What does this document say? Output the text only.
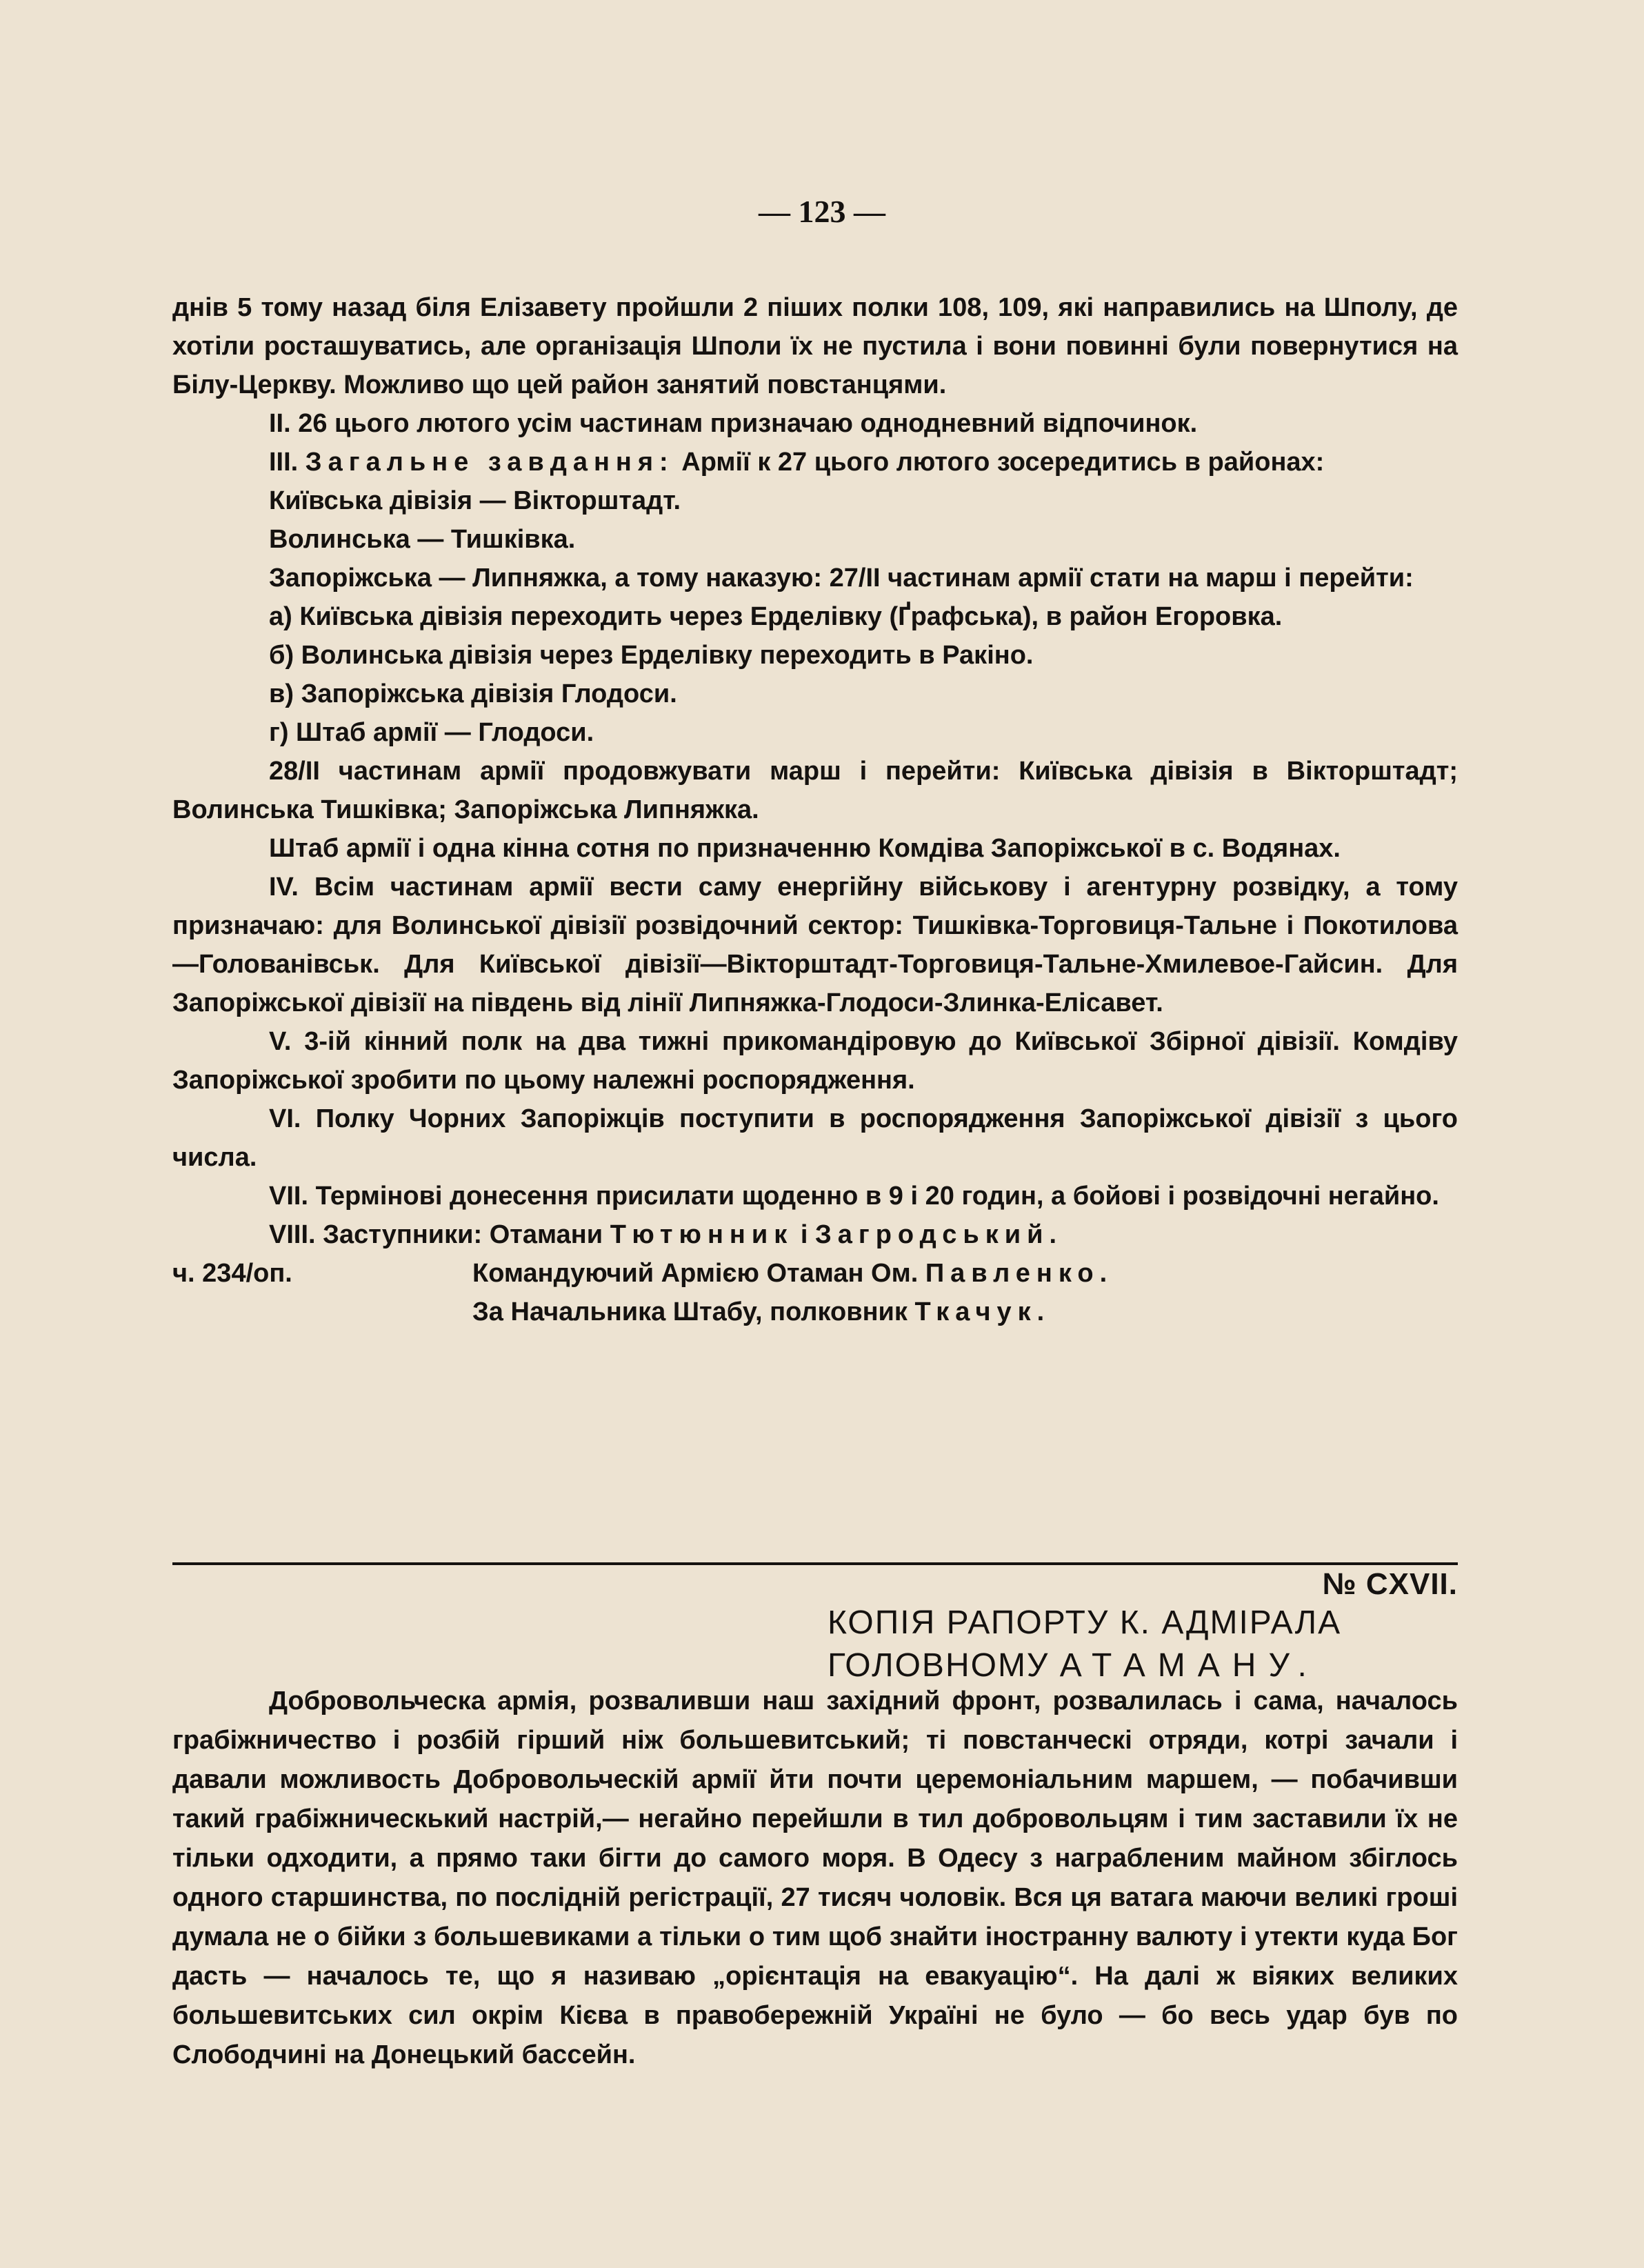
— 123 —

днів 5 тому назад біля Елізавету пройшли 2 піших полки 108, 109, які направились на Шполу, де хотіли росташуватись, але організація Шполи їх не пустила і вони повинні були повернутися на Білу-Церкву. Можливо що цей район занятий повстанцями.

II. 26 цього лютого усім частинам призначаю однодневний відпочинок.

III. Загальне завдання: Армії к 27 цього лютого зосередитись в районах:

Київська дівізія — Вікторштадт.

Волинська — Тишківка.

Запоріжська — Липняжка, а тому наказую: 27/II частинам армії стати на марш і перейти:

а) Київська дівізія переходить через Ерделівку (Ґрафська), в район Егоровка.

б) Волинська дівізія через Ерделівку переходить в Ракіно.

в) Запоріжська дівізія Глодоси.

г) Штаб армії — Глодоси.

28/II частинам армії продовжувати марш і перейти: Київська дівізія в Вікторштадт; Волинська Тишківка; Запоріжська Липняжка.

Штаб армії і одна кінна сотня по призначенню Комдіва Запоріжської в с. Водянах.

IV. Всім частинам армії вести саму енергійну військову і агентурну розвідку, а тому призначаю: для Волинської дівізії розвідочний сектор: Тишківка-Торговиця-Тальне і Покотилова—Голованівськ. Для Київської дівізії—Вікторштадт-Торговиця-Тальне-Хмилевое-Гайсин. Для Запоріжської дівізії на південь від лінії Липняжка-Глодоси-Злинка-Елісавет.

V. 3-ій кінний полк на два тижні прикомандіровую до Київської Збірної дівізії. Комдіву Запоріжської зробити по цьому належні роспорядження.

VI. Полку Чорних Запоріжців поступити в роспорядження Запоріжської дівізії з цього числа.

VII. Термінові донесення присилати щоденно в 9 і 20 годин, а бойові і розвідочні негайно.

VIII. Заступники: Отамани Тютюнник і Загродський.

ч. 234/оп.	Командуючий Армією Отаман Ом. Павленко.
За Начальника Штабу, полковник Ткачук.
№ CXVII.
КОПІЯ РАПОРТУ К. АДМІРАЛА
ГОЛОВНОМУ АТАМАНУ.

Добровольческа армія, розваливши наш західний фронт, розвалилась і сама, началось грабіжничество і розбій гірший ніж большевитський; ті повстанческі отряди, котрі зачали і давали можливость Добровольческій армії йти почти церемоніальним маршем, — побачивши такий грабіжническький настрій,— негайно перейшли в тил добровольцям і тим заставили їх не тільки одходити, а прямо таки бігти до самого моря. В Одесу з награбленим майном збіглось одного старшинства, по послідній регістрації, 27 тисяч чоловік. Вся ця ватага маючи великі гроші думала не о бійки з большевиками а тільки о тим щоб знайти іностранну валюту і утекти куда Бог дасть — началось те, що я називаю „орієнтація на евакуацію“. На далі ж віяких великих большевитських сил окрім Кієва в правобережній Україні не було — бо весь удар був по Слободчині на Донецький бассейн.
